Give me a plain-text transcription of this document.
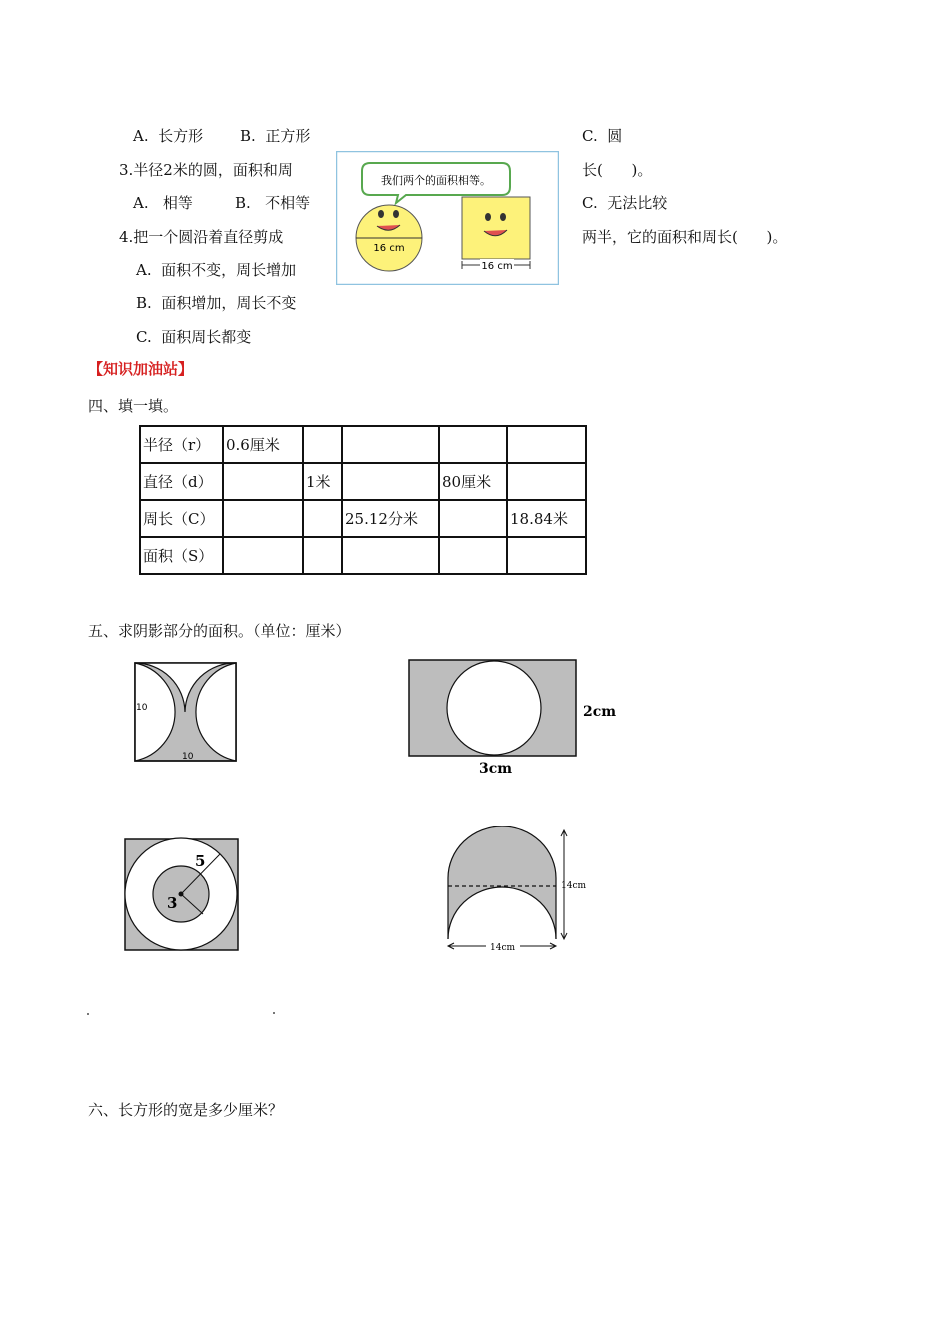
A.  长方形 B.  正方形	C.  圆
3.半径2米的圆，面积和周	长(      )。
A.   相等	B.   不相等	C.  无法比较
4.把一个圆沿着直径剪成	两半，它的面积和周长(      )。
A.  面积不变，周长增加
B.  面积增加，周长不变
C.  面积周长都变
我们两个的面积相等。
16 cm
16 cm
【知识加油站】
四、填一填。
半径（r）	0.6厘米				
直径（d）		1米		80厘米	
周长（C）			25.12分米		18.84米
面积（S）					
五、求阴影部分的面积。（单位：厘米）
10
10
2cm
3cm
5
3
14cm
14cm
六、长方形的宽是多少厘米？
